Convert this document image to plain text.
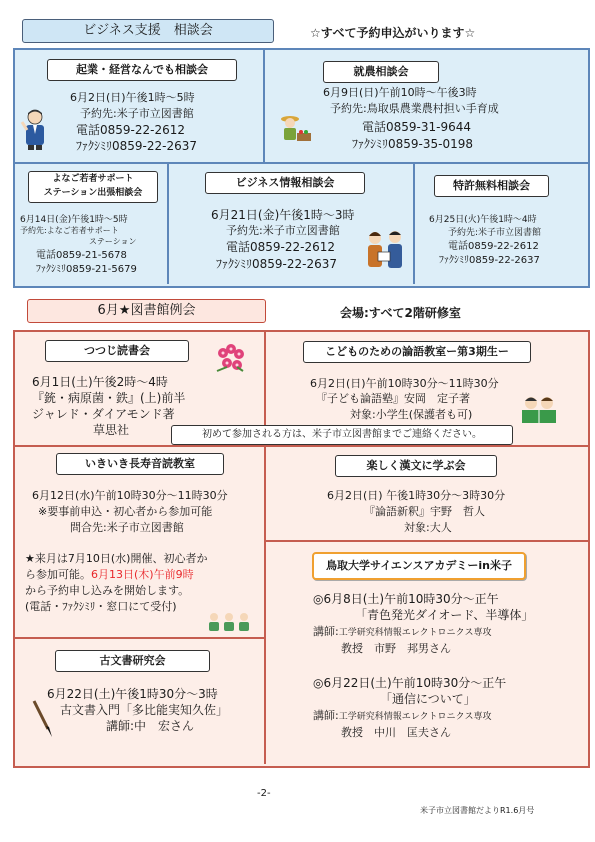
ビジネス支援　相談会	☆すべて予約申込がいります☆
起業・経営なんでも相談会
6月2日(日)午後1時～5時
予約先:米子市立図書館
電話0859-22-2612
ﾌｧｸｼﾐﾘ0859-22-2637
就農相談会
6月9日(日)午前10時～午後3時
予約先:鳥取県農業農村担い手育成
電話0859-31-9644
ﾌｧｸｼﾐﾘ0859-35-0198
よなご若者サポート
ステーション出張相談会
6月14日(金)午後1時～5時
予約先:よなご若者サポート
ステーション
電話0859-21-5678
ﾌｧｸｼﾐﾘ0859-21-5679
ビジネス情報相談会
6月21日(金)午後1時～3時
予約先:米子市立図書館
電話0859-22-2612
ﾌｧｸｼﾐﾘ0859-22-2637
特許無料相談会
6月25日(火)午後1時～4時
予約先:米子市立図書館
電話0859-22-2612
ﾌｧｸｼﾐﾘ0859-22-2637
6月★図書館例会	会場:すべて2階研修室
つつじ読書会
6月1日(土)午後2時～4時
『銃・病原菌・鉄』(上)前半
ジャレド・ダイアモンド著
草思社
こどものための論語教室ー第3期生ー
6月2日(日)午前10時30分～11時30分
『子ども論語塾』安岡　定子著
対象:小学生(保護者も可)
初めて参加される方は、米子市立図書館までご連絡ください。
いきいき長寿音読教室
6月12日(水)午前10時30分～11時30分
※要事前申込・初心者から参加可能
問合先:米子市立図書館
★来月は7月10日(水)開催、初心者か
ら参加可能。6月13日(木)午前9時
から予約申し込みを開始します。
(電話・ﾌｧｸｼﾐﾘ・窓口にて受付)
古文書研究会
6月22日(土)午後1時30分～3時
古文書入門「多比能実知久佐」
講師:中　宏さん
楽しく漢文に学ぶ会
6月2日(日) 午後1時30分～3時30分
『論語新釈』宇野　哲人
対象:大人
鳥取大学サイエンスアカデミーin米子
◎6月8日(土)午前10時30分～正午
「青色発光ダイオード、半導体」
講師:工学研究科情報エレクトロニクス専攻
教授　市野　邦男さん
◎6月22日(土)午前10時30分～正午
「通信について」
講師:工学研究科情報エレクトロニクス専攻
教授　中川　匡夫さん
-2-
米子市立図書館だよりR1.6月号
